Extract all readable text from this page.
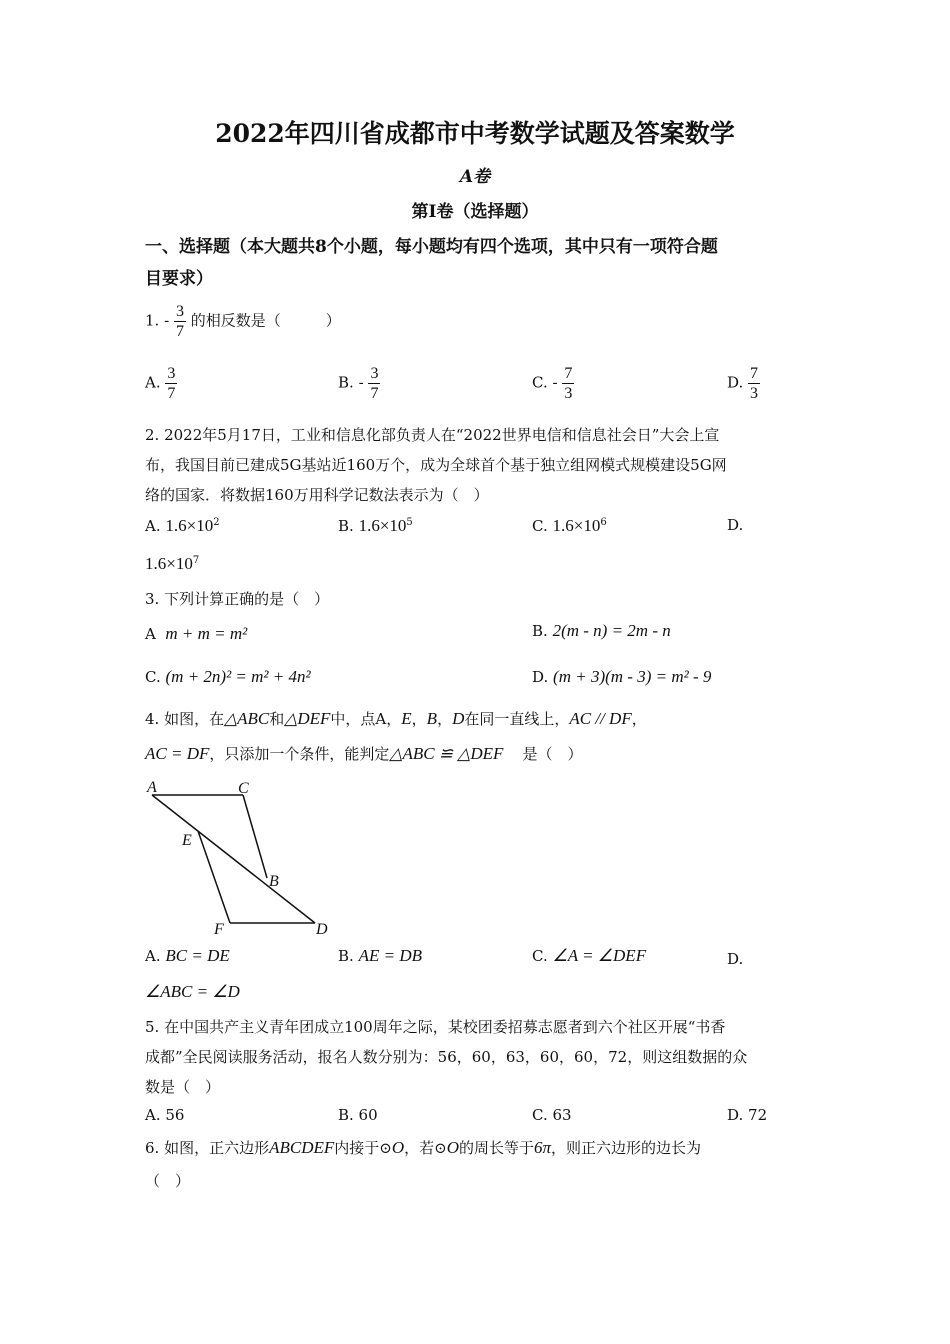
2022年四川省成都市中考数学试题及答案数学
A卷
第Ⅰ卷（选择题）
一、选择题（本大题共8个小题，每小题均有四个选项，其中只有一项符合题
目要求）
1. - $\frac{3}{7}$ 的相反数是（　　　）
A. $\frac{3}{7}$	B. - $\frac{3}{7}$	C. - $\frac{7}{3}$	D. $\frac{7}{3}$
2. 2022年5月17日，工业和信息化部负责人在“2022世界电信和信息社会日”大会上宣
布，我国目前已建成5G基站近160万个，成为全球首个基于独立组网模式规模建设5G网
络的国家．将数据160万用科学记数法表示为（　）
A. $1.6\times 10^2$	B. $1.6\times 10^5$	C. $1.6\times 10^6$	D.
$1.6\times 10^7$
3. 下列计算正确的是（　）
A m + m = m²	B. 2(m - n) = 2m - n
C. (m + 2n)² = m² + 4n²	D. (m + 3)(m - 3) = m² - 9
4. 如图，在△ABC和△DEF中，点A，E，B，D在同一直线上，AC // DF，
AC = DF，只添加一个条件，能判定△ABC ≌ △DEF 是（　）
A	C
E
B
F	D
A. BC = DE	B. AE = DB	C. ∠A = ∠DEF	D.
∠ABC = ∠D
5. 在中国共产主义青年团成立100周年之际，某校团委招募志愿者到六个社区开展“书香
成都”全民阅读服务活动，报名人数分别为：56，60，63，60，60，72，则这组数据的众
数是（　）
A. 56	B. 60	C. 63	D. 72
6. 如图，正六边形ABCDEF内接于⊙O，若⊙O的周长等于6π，则正六边形的边长为
（　）
